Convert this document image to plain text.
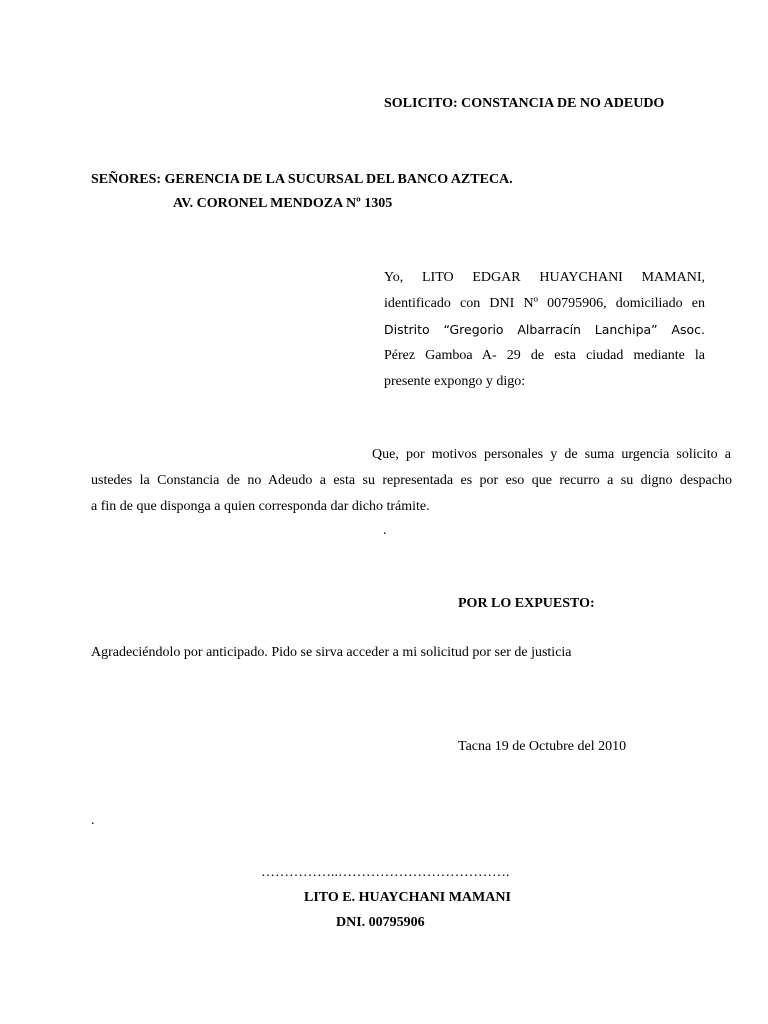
SOLICITO: CONSTANCIA DE NO ADEUDO
SEÑORES: GERENCIA DE LA SUCURSAL DEL BANCO AZTECA.
AV. CORONEL MENDOZA Nº 1305
Yo, LITO EDGAR HUAYCHANI MAMANI,
identificado con DNI Nº 00795906, domiciliado en
Distrito “Gregorio Albarracín Lanchipa” Asoc.
Pérez Gamboa A- 29 de esta ciudad mediante la
presente expongo y digo:
Que, por motivos personales y de suma urgencia solicito a
ustedes la Constancia de no Adeudo a esta su representada es por eso que recurro a su digno despacho
a fin de que disponga a quien corresponda dar dicho trámite.
.
POR LO EXPUESTO:
Agradeciéndolo por anticipado. Pido se sirva acceder a mi solicitud por ser de justicia
Tacna 19 de Octubre del 2010
.
……………..……………………………….
LITO E. HUAYCHANI MAMANI
DNI. 00795906
